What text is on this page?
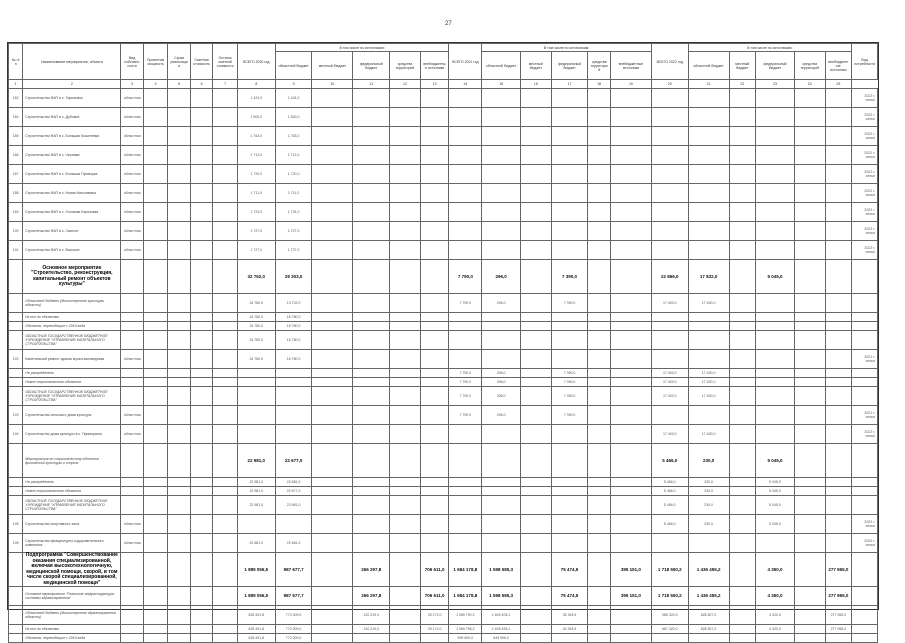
27
№ п/п	Наименование мероприятия, объекта	Вид собствен-ности	Проектная мощность	Сроки реализации	Сметная стоимость	Остаток сметной стоимости	ВСЕГО 2020 год	В том числе по источникам:					ВСЕГО 2021 год	В том числе по источникам:					ВСЕГО 2022 год	В том числе по источникам:					Вид потребности
								областной бюджет	местный бюджет	федеральный бюджет	средства территорий	внебюджетные источники		областной бюджет	местный бюджет	федеральный бюджет	средства территорий	внебюджетные источники		областной бюджет	местный бюджет	федеральный бюджет	средства территорий	внебюджетные источники	
1	2	3	4	5	6	7	8	9	10	11	12	13	14	15	16	17	18	19	20	21	22	23	24	25	
182	Строительство ФАП в с. Тарлаганы	областная					1 424,0	1 424,0																	2022 г. сельп
184	Строительство ФАП в с. Дубовое	областная					1 500,0	1 500,0																	2022 г. сельп
185	Строительство ФАП в с. Большая Кошелевка	областная					1 763,0	1 763,0																	2022 г. сельп
186	Строительство ФАП в с. Чернава	областная					1 712,0	1 712,0																	2022 г. сельп
187	Строительство ФАП в с. Большая Приморка	областная					1 720,0	1 720,0																	2022 г. сельп
188	Строительство ФАП в с. Новая Николаевка	областная					1 711,0	1 711,0																	2022 г. сельп
189	Строительство ФАП в с. Угольная Березовка	областная					1 724,0	1 724,0																	2022 г. сельп
190	Строительство ФАП в с. Смелое	областная					1 727,0	1 727,0																	2022 г. сельп
191	Строительство ФАП в с. Высокое	областная					1 727,0	1 727,0																	2022 г. сельп
	Основное мероприятие "Строительство, реконструкция, капитальный ремонт объектов культуры"						32 762,0	29 303,0					7 790,0	296,0		7 390,0			22 866,0	17 832,0		5 045,0			
	Областной бюджет (Министерство культуры области)						16 780,0	13 722,0					7 790,0	296,0		7 390,0			17 400,0	17 400,0					
	Из них по объектам						16 780,0	16 780,0																	
	Объекты, переходящие с 2019 года						16 780,0	16 780,0																	
	ОБЛАСТНОЕ ГОСУДАРСТВЕННОЕ БЮДЖЕТНОЕ УЧРЕЖДЕНИЕ "УПРАВЛЕНИЕ КАПИТАЛЬНОГО СТРОИТЕЛЬСТВА"						16 780,0	16 780,0																	
192	Капитальный ремонт здания музея-заповедника	областная					16 780,0	16 780,0																	2021 г. сельп
	Не распределено												7 790,0	296,0		7 390,0			17 400,0	17 400,0					
	Новое строительство объектов												7 790,0	296,0		7 390,0			17 400,0	17 400,0					
	ОБЛАСТНОЕ ГОСУДАРСТВЕННОЕ БЮДЖЕТНОЕ УЧРЕЖДЕНИЕ "УПРАВЛЕНИЕ КАПИТАЛЬНОГО СТРОИТЕЛЬСТВА"												7 790,0	296,0		7 390,0			17 400,0	17 400,0					
193	Строительство сельского дома культуры	областная											7 790,0	296,0		7 390,0									2021 г. сельп
194	Строительство дома культуры в с. Приморское	областная																	17 400,0	17 400,0					2022 г. сельп
	Мероприятия по строительству объектов физической культуры и спорта						22 981,0	22 677,0											5 466,0	230,0		5 045,0			
	Не распределено						22 981,0	22 681,0											5 466,0	230,0		5 045,0			
	Новое строительство объектов						22 981,0	22 677,0											5 466,0	230,0		5 045,0			
	ОБЛАСТНОЕ ГОСУДАРСТВЕННОЕ БЮДЖЕТНОЕ УЧРЕЖДЕНИЕ "УПРАВЛЕНИЕ КАПИТАЛЬНОГО СТРОИТЕЛЬСТВА"						22 981,0	22 681,0											5 466,0	230,0		5 045,0			
195	Строительство спортивного зала	областная																	5 466,0	230,0		5 045,0			2022 г. сельп
196	Строительство физкультурно-оздоровительного комплекса	областная					22 681,0	22 681,0																	2020 г. сельп
	Подпрограмма "Совершенствование оказания специализированной, включая высокотехнологичную, медицинской помощи, скорой, в том числе скорой специализированной, медицинской помощи"						1 889 056,5	987 677,7		266 297,8		706 611,0	1 684 178,8	1 598 585,3		75 474,5		395 151,0	1 718 550,2	1 436 455,2		4 350,0		277 965,0	
	Основное мероприятие "Развитие инфраструктуры системы здравоохранения"						1 889 056,5	987 677,7		266 297,8		706 611,0	1 684 178,8	1 598 585,3		75 474,5		395 151,0	1 718 550,2	1 436 455,2		4 350,0		277 965,0	
	Областной бюджет (Министерство здравоохранения области)						825 491,8	772 009,0		120 219,0		25 172,0	1 089 790,2	1 609 405,1		35 394,5			985 320,0	828 827,0		4 320,0		277 965,0	
	Из них по объектам						625 491,8	772 009,0		120 219,0		25 172,0	1 069 796,2	1 609 495,1		40 394,5			667 320,0	828 827,0		4 320,0		277 965,0	
	Объекты, переходящие с 2019 года						625 491,8	772 009,0					599 600,0	549 596,0											
